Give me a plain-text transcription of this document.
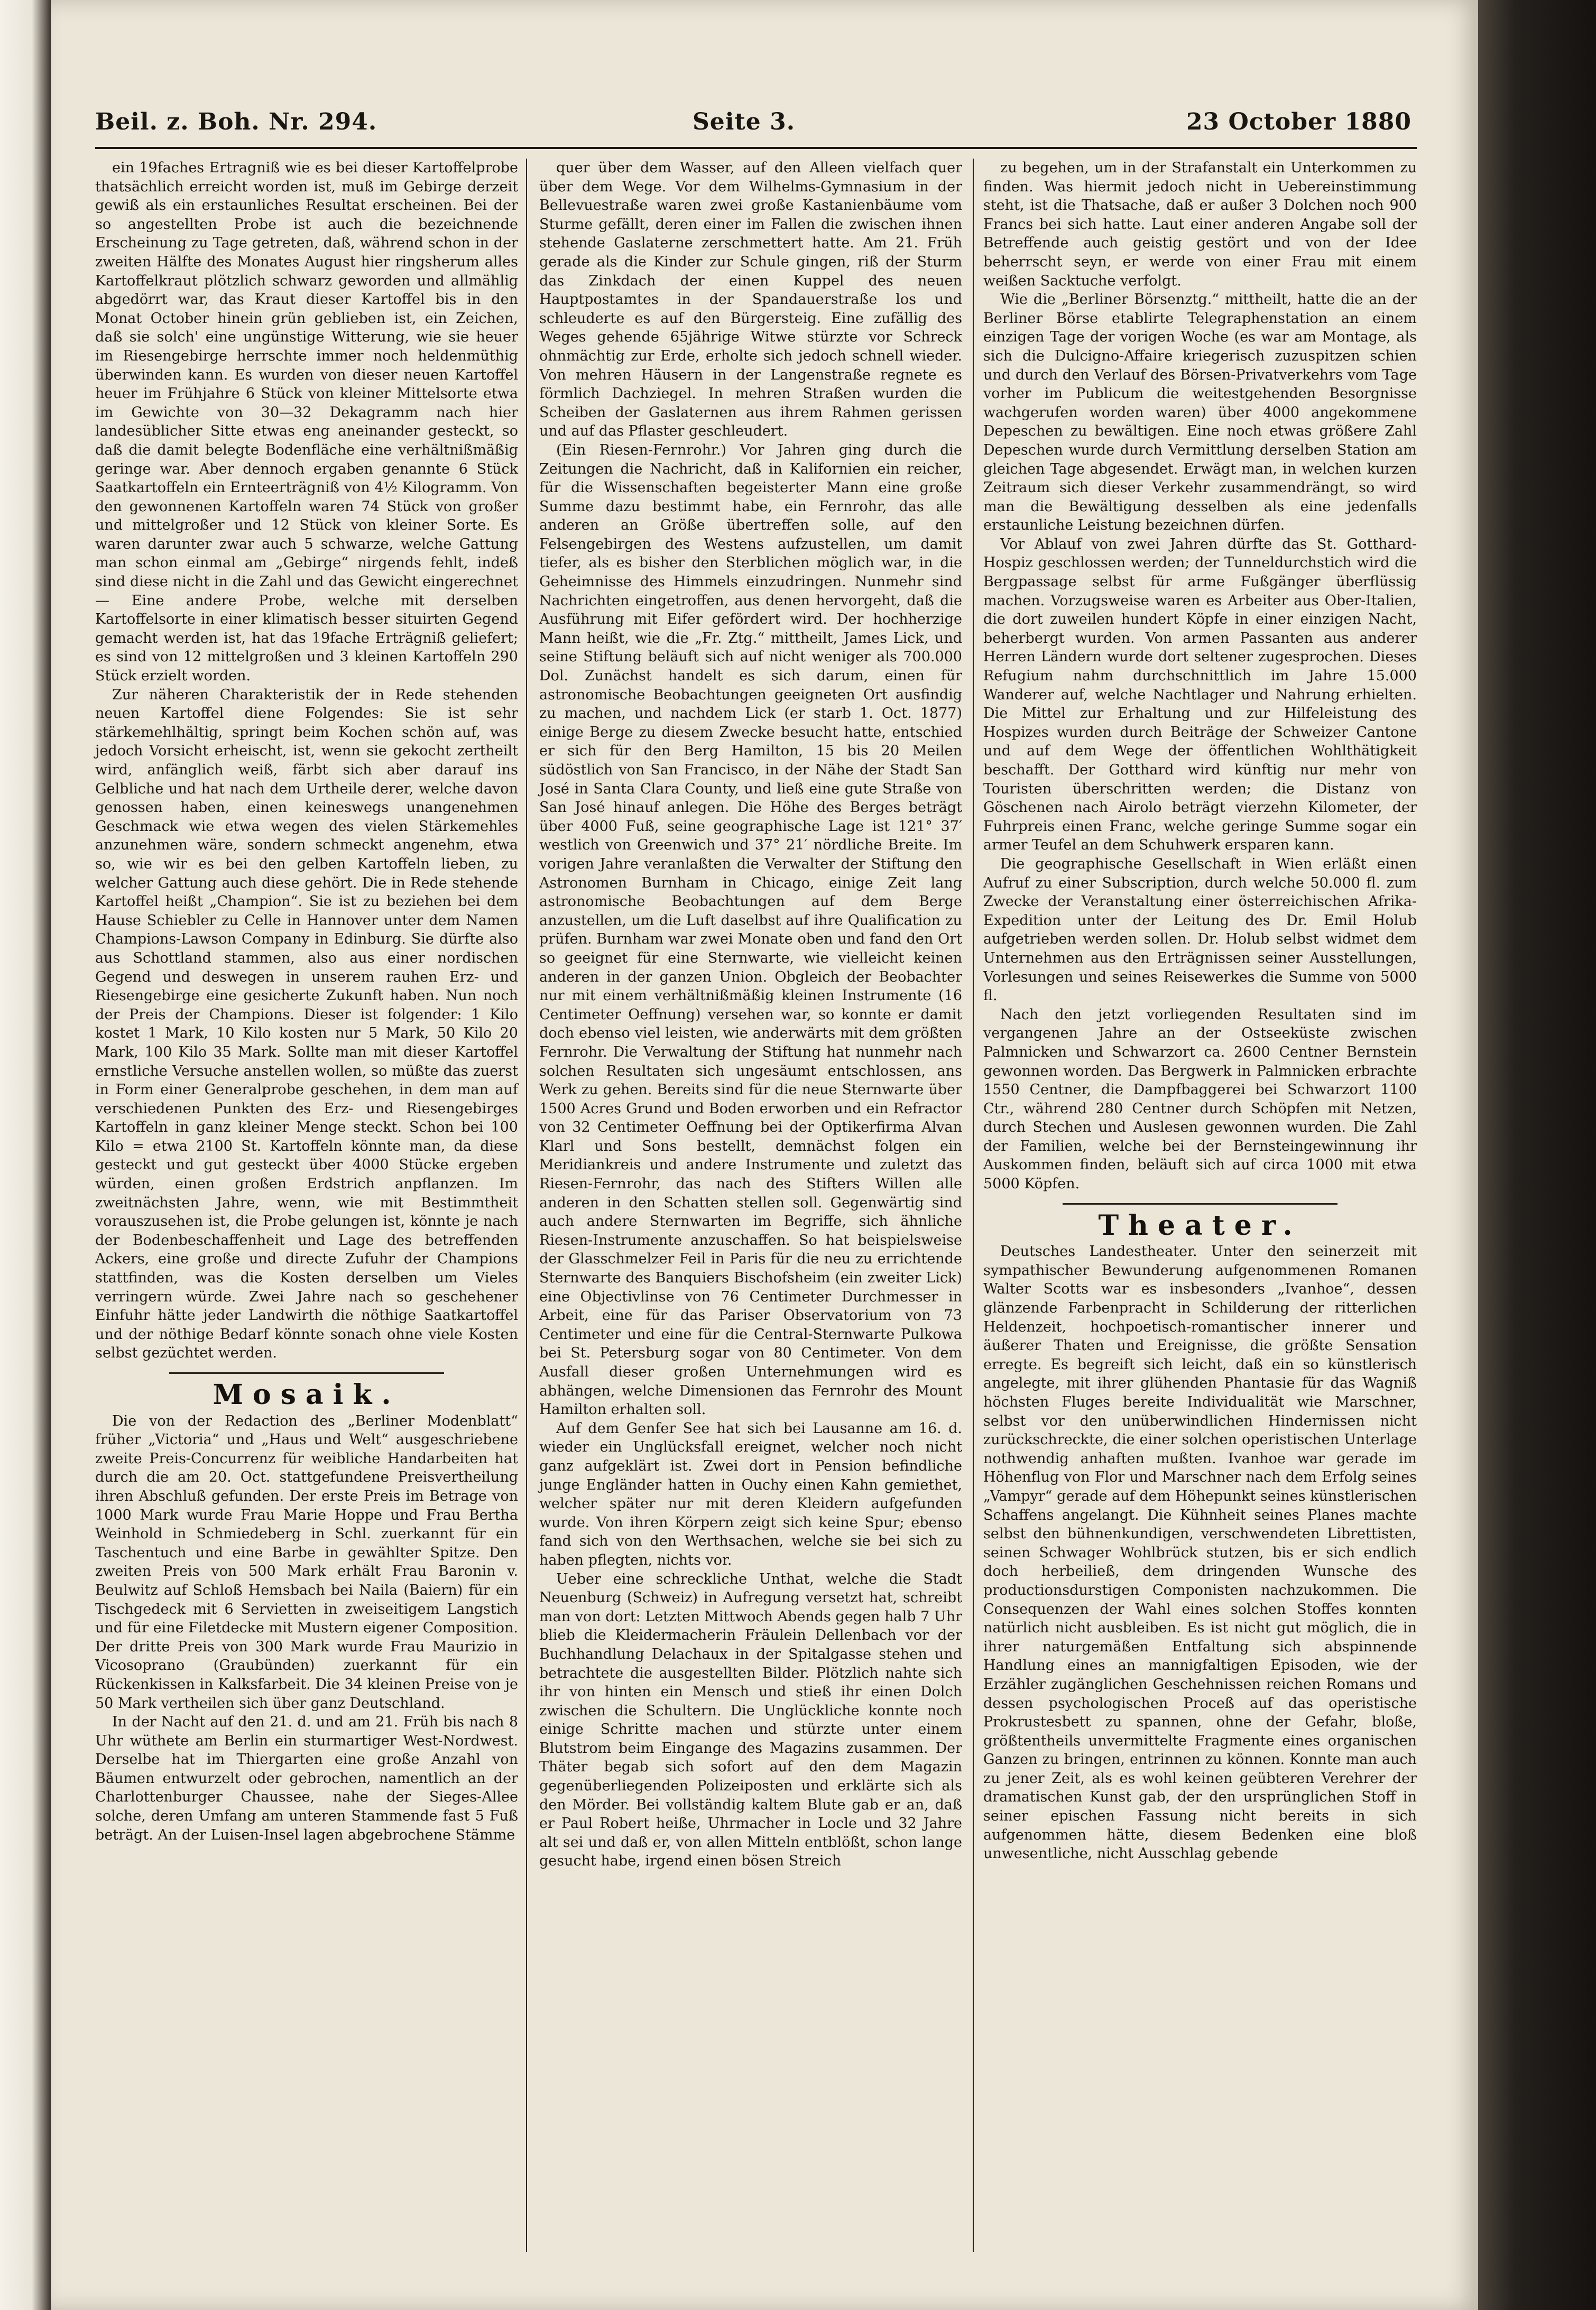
Beil. z. Boh. Nr. 294.	Seite 3.	23 October 1880

ein 19faches Ertragniß wie es bei dieser Kartoffelprobe thatsächlich erreicht worden ist, muß im Gebirge derzeit gewiß als ein erstaunliches Resultat erscheinen. Bei der so angestellten Probe ist auch die bezeichnende Erscheinung zu Tage getreten, daß, während schon in der zweiten Hälfte des Monates August hier ringsherum alles Kartoffelkraut plötzlich schwarz geworden und allmählig abgedörrt war, das Kraut dieser Kartoffel bis in den Monat October hinein grün geblieben ist, ein Zeichen, daß sie solch' eine ungünstige Witterung, wie sie heuer im Riesengebirge herrschte immer noch heldenmüthig überwinden kann. Es wurden von dieser neuen Kartoffel heuer im Frühjahre 6 Stück von kleiner Mittelsorte etwa im Gewichte von 30—32 Dekagramm nach hier landesüblicher Sitte etwas eng aneinander gesteckt, so daß die damit belegte Bodenfläche eine verhältnißmäßig geringe war. Aber dennoch ergaben genannte 6 Stück Saatkartoffeln ein Ernteerträgniß von 4½ Kilogramm. Von den gewonnenen Kartoffeln waren 74 Stück von großer und mittelgroßer und 12 Stück von kleiner Sorte. Es waren darunter zwar auch 5 schwarze, welche Gattung man schon einmal am „Gebirge“ nirgends fehlt, indeß sind diese nicht in die Zahl und das Gewicht eingerechnet — Eine andere Probe, welche mit derselben Kartoffelsorte in einer klimatisch besser situirten Gegend gemacht werden ist, hat das 19fache Erträgniß geliefert; es sind von 12 mittelgroßen und 3 kleinen Kartoffeln 290 Stück erzielt worden.

Zur näheren Charakteristik der in Rede stehenden neuen Kartoffel diene Folgendes: Sie ist sehr stärkemehlhältig, springt beim Kochen schön auf, was jedoch Vorsicht erheischt, ist, wenn sie gekocht zertheilt wird, anfänglich weiß, färbt sich aber darauf ins Gelbliche und hat nach dem Urtheile derer, welche davon genossen haben, einen keineswegs unangenehmen Geschmack wie etwa wegen des vielen Stärkemehles anzunehmen wäre, sondern schmeckt angenehm, etwa so, wie wir es bei den gelben Kartoffeln lieben, zu welcher Gattung auch diese gehört. Die in Rede stehende Kartoffel heißt „Champion“. Sie ist zu beziehen bei dem Hause Schiebler zu Celle in Hannover unter dem Namen Champions-Lawson Company in Edinburg. Sie dürfte also aus Schottland stammen, also aus einer nordischen Gegend und deswegen in unserem rauhen Erz- und Riesengebirge eine gesicherte Zukunft haben. Nun noch der Preis der Champions. Dieser ist folgender: 1 Kilo kostet 1 Mark, 10 Kilo kosten nur 5 Mark, 50 Kilo 20 Mark, 100 Kilo 35 Mark. Sollte man mit dieser Kartoffel ernstliche Versuche anstellen wollen, so müßte das zuerst in Form einer Generalprobe geschehen, in dem man auf verschiedenen Punkten des Erz- und Riesengebirges Kartoffeln in ganz kleiner Menge steckt. Schon bei 100 Kilo = etwa 2100 St. Kartoffeln könnte man, da diese gesteckt und gut gesteckt über 4000 Stücke ergeben würden, einen großen Erdstrich anpflanzen. Im zweitnächsten Jahre, wenn, wie mit Bestimmtheit vorauszusehen ist, die Probe gelungen ist, könnte je nach der Bodenbeschaffenheit und Lage des betreffenden Ackers, eine große und directe Zufuhr der Champions stattfinden, was die Kosten derselben um Vieles verringern würde. Zwei Jahre nach so geschehener Einfuhr hätte jeder Landwirth die nöthige Saatkartoffel und der nöthige Bedarf könnte sonach ohne viele Kosten selbst gezüchtet werden.

Mosaik.

Die von der Redaction des „Berliner Modenblatt“ früher „Victoria“ und „Haus und Welt“ ausgeschriebene zweite Preis-Concurrenz für weibliche Handarbeiten hat durch die am 20. Oct. stattgefundene Preisvertheilung ihren Abschluß gefunden. Der erste Preis im Betrage von 1000 Mark wurde Frau Marie Hoppe und Frau Bertha Weinhold in Schmiedeberg in Schl. zuerkannt für ein Taschentuch und eine Barbe in gewählter Spitze. Den zweiten Preis von 500 Mark erhält Frau Baronin v. Beulwitz auf Schloß Hemsbach bei Naila (Baiern) für ein Tischgedeck mit 6 Servietten in zweiseitigem Langstich und für eine Filetdecke mit Mustern eigener Composition. Der dritte Preis von 300 Mark wurde Frau Maurizio in Vicosoprano (Graubünden) zuerkannt für ein Rückenkissen in Kalksfarbeit. Die 34 kleinen Preise von je 50 Mark vertheilen sich über ganz Deutschland.

In der Nacht auf den 21. d. und am 21. Früh bis nach 8 Uhr wüthete am Berlin ein sturmartiger West-Nordwest. Derselbe hat im Thiergarten eine große Anzahl von Bäumen entwurzelt oder gebrochen, namentlich an der Charlottenburger Chaussee, nahe der Sieges-Allee solche, deren Umfang am unteren Stammende fast 5 Fuß beträgt. An der Luisen-Insel lagen abgebrochene Stämme

quer über dem Wasser, auf den Alleen vielfach quer über dem Wege. Vor dem Wilhelms-Gymnasium in der Bellevuestraße waren zwei große Kastanienbäume vom Sturme gefällt, deren einer im Fallen die zwischen ihnen stehende Gaslaterne zerschmettert hatte. Am 21. Früh gerade als die Kinder zur Schule gingen, riß der Sturm das Zinkdach der einen Kuppel des neuen Hauptpostamtes in der Spandauerstraße los und schleuderte es auf den Bürgersteig. Eine zufällig des Weges gehende 65jährige Witwe stürzte vor Schreck ohnmächtig zur Erde, erholte sich jedoch schnell wieder. Von mehren Häusern in der Langenstraße regnete es förmlich Dachziegel. In mehren Straßen wurden die Scheiben der Gaslaternen aus ihrem Rahmen gerissen und auf das Pflaster geschleudert.

(Ein Riesen-Fernrohr.) Vor Jahren ging durch die Zeitungen die Nachricht, daß in Kalifornien ein reicher, für die Wissenschaften begeisterter Mann eine große Summe dazu bestimmt habe, ein Fernrohr, das alle anderen an Größe übertreffen solle, auf den Felsengebirgen des Westens aufzustellen, um damit tiefer, als es bisher den Sterblichen möglich war, in die Geheimnisse des Himmels einzudringen. Nunmehr sind Nachrichten eingetroffen, aus denen hervorgeht, daß die Ausführung mit Eifer gefördert wird. Der hochherzige Mann heißt, wie die „Fr. Ztg.“ mittheilt, James Lick, und seine Stiftung beläuft sich auf nicht weniger als 700.000 Dol. Zunächst handelt es sich darum, einen für astronomische Beobachtungen geeigneten Ort ausfindig zu machen, und nachdem Lick (er starb 1. Oct. 1877) einige Berge zu diesem Zwecke besucht hatte, entschied er sich für den Berg Hamilton, 15 bis 20 Meilen südöstlich von San Francisco, in der Nähe der Stadt San José in Santa Clara County, und ließ eine gute Straße von San José hinauf anlegen. Die Höhe des Berges beträgt über 4000 Fuß, seine geographische Lage ist 121° 37′ westlich von Greenwich und 37° 21′ nördliche Breite. Im vorigen Jahre veranlaßten die Verwalter der Stiftung den Astronomen Burnham in Chicago, einige Zeit lang astronomische Beobachtungen auf dem Berge anzustellen, um die Luft daselbst auf ihre Qualification zu prüfen. Burnham war zwei Monate oben und fand den Ort so geeignet für eine Sternwarte, wie vielleicht keinen anderen in der ganzen Union. Obgleich der Beobachter nur mit einem verhältnißmäßig kleinen Instrumente (16 Centimeter Oeffnung) versehen war, so konnte er damit doch ebenso viel leisten, wie anderwärts mit dem größten Fernrohr. Die Verwaltung der Stiftung hat nunmehr nach solchen Resultaten sich ungesäumt entschlossen, ans Werk zu gehen. Bereits sind für die neue Sternwarte über 1500 Acres Grund und Boden erworben und ein Refractor von 32 Centimeter Oeffnung bei der Optikerfirma Alvan Klarl und Sons bestellt, demnächst folgen ein Meridiankreis und andere Instrumente und zuletzt das Riesen-Fernrohr, das nach des Stifters Willen alle anderen in den Schatten stellen soll. Gegenwärtig sind auch andere Sternwarten im Begriffe, sich ähnliche Riesen-Instrumente anzuschaffen. So hat beispielsweise der Glasschmelzer Feil in Paris für die neu zu errichtende Sternwarte des Banquiers Bischofsheim (ein zweiter Lick) eine Objectivlinse von 76 Centimeter Durchmesser in Arbeit, eine für das Pariser Observatorium von 73 Centimeter und eine für die Central-Sternwarte Pulkowa bei St. Petersburg sogar von 80 Centimeter. Von dem Ausfall dieser großen Unternehmungen wird es abhängen, welche Dimensionen das Fernrohr des Mount Hamilton erhalten soll.

Auf dem Genfer See hat sich bei Lausanne am 16. d. wieder ein Unglücksfall ereignet, welcher noch nicht ganz aufgeklärt ist. Zwei dort in Pension befindliche junge Engländer hatten in Ouchy einen Kahn gemiethet, welcher später nur mit deren Kleidern aufgefunden wurde. Von ihren Körpern zeigt sich keine Spur; ebenso fand sich von den Werthsachen, welche sie bei sich zu haben pflegten, nichts vor.

Ueber eine schreckliche Unthat, welche die Stadt Neuenburg (Schweiz) in Aufregung versetzt hat, schreibt man von dort: Letzten Mittwoch Abends gegen halb 7 Uhr blieb die Kleidermacherin Fräulein Dellenbach vor der Buchhandlung Delachaux in der Spitalgasse stehen und betrachtete die ausgestellten Bilder. Plötzlich nahte sich ihr von hinten ein Mensch und stieß ihr einen Dolch zwischen die Schultern. Die Unglückliche konnte noch einige Schritte machen und stürzte unter einem Blutstrom beim Eingange des Magazins zusammen. Der Thäter begab sich sofort auf den dem Magazin gegenüberliegenden Polizeiposten und erklärte sich als den Mörder. Bei vollständig kaltem Blute gab er an, daß er Paul Robert heiße, Uhrmacher in Locle und 32 Jahre alt sei und daß er, von allen Mitteln entblößt, schon lange gesucht habe, irgend einen bösen Streich

zu begehen, um in der Strafanstalt ein Unterkommen zu finden. Was hiermit jedoch nicht in Uebereinstimmung steht, ist die Thatsache, daß er außer 3 Dolchen noch 900 Francs bei sich hatte. Laut einer anderen Angabe soll der Betreffende auch geistig gestört und von der Idee beherrscht seyn, er werde von einer Frau mit einem weißen Sacktuche verfolgt.

Wie die „Berliner Börsenztg.“ mittheilt, hatte die an der Berliner Börse etablirte Telegraphenstation an einem einzigen Tage der vorigen Woche (es war am Montage, als sich die Dulcigno-Affaire kriegerisch zuzuspitzen schien und durch den Verlauf des Börsen-Privatverkehrs vom Tage vorher im Publicum die weitestgehenden Besorgnisse wachgerufen worden waren) über 4000 angekommene Depeschen zu bewältigen. Eine noch etwas größere Zahl Depeschen wurde durch Vermittlung derselben Station am gleichen Tage abgesendet. Erwägt man, in welchen kurzen Zeitraum sich dieser Verkehr zusammendrängt, so wird man die Bewältigung desselben als eine jedenfalls erstaunliche Leistung bezeichnen dürfen.

Vor Ablauf von zwei Jahren dürfte das St. Gotthard-Hospiz geschlossen werden; der Tunneldurchstich wird die Bergpassage selbst für arme Fußgänger überflüssig machen. Vorzugsweise waren es Arbeiter aus Ober-Italien, die dort zuweilen hundert Köpfe in einer einzigen Nacht, beherbergt wurden. Von armen Passanten aus anderer Herren Ländern wurde dort seltener zugesprochen. Dieses Refugium nahm durchschnittlich im Jahre 15.000 Wanderer auf, welche Nachtlager und Nahrung erhielten. Die Mittel zur Erhaltung und zur Hilfeleistung des Hospizes wurden durch Beiträge der Schweizer Cantone und auf dem Wege der öffentlichen Wohlthätigkeit beschafft. Der Gotthard wird künftig nur mehr von Touristen überschritten werden; die Distanz von Göschenen nach Airolo beträgt vierzehn Kilometer, der Fuhrpreis einen Franc, welche geringe Summe sogar ein armer Teufel an dem Schuhwerk ersparen kann.

Die geographische Gesellschaft in Wien erläßt einen Aufruf zu einer Subscription, durch welche 50.000 fl. zum Zwecke der Veranstaltung einer österreichischen Afrika-Expedition unter der Leitung des Dr. Emil Holub aufgetrieben werden sollen. Dr. Holub selbst widmet dem Unternehmen aus den Erträgnissen seiner Ausstellungen, Vorlesungen und seines Reisewerkes die Summe von 5000 fl.

Nach den jetzt vorliegenden Resultaten sind im vergangenen Jahre an der Ostseeküste zwischen Palmnicken und Schwarzort ca. 2600 Centner Bernstein gewonnen worden. Das Bergwerk in Palmnicken erbrachte 1550 Centner, die Dampfbaggerei bei Schwarzort 1100 Ctr., während 280 Centner durch Schöpfen mit Netzen, durch Stechen und Auslesen gewonnen wurden. Die Zahl der Familien, welche bei der Bernsteingewinnung ihr Auskommen finden, beläuft sich auf circa 1000 mit etwa 5000 Köpfen.

Theater.

Deutsches Landestheater. Unter den seinerzeit mit sympathischer Bewunderung aufgenommenen Romanen Walter Scotts war es insbesonders „Ivanhoe“, dessen glänzende Farbenpracht in Schilderung der ritterlichen Heldenzeit, hochpoetisch-romantischer innerer und äußerer Thaten und Ereignisse, die größte Sensation erregte. Es begreift sich leicht, daß ein so künstlerisch angelegte, mit ihrer glühenden Phantasie für das Wagniß höchsten Fluges bereite Individualität wie Marschner, selbst vor den unüberwindlichen Hindernissen nicht zurückschreckte, die einer solchen operistischen Unterlage nothwendig anhaften mußten. Ivanhoe war gerade im Höhenflug von Flor und Marschner nach dem Erfolg seines „Vampyr“ gerade auf dem Höhepunkt seines künstlerischen Schaffens angelangt. Die Kühnheit seines Planes machte selbst den bühnenkundigen, verschwendeten Librettisten, seinen Schwager Wohlbrück stutzen, bis er sich endlich doch herbeiließ, dem dringenden Wunsche des productionsdurstigen Componisten nachzukommen. Die Consequenzen der Wahl eines solchen Stoffes konnten natürlich nicht ausbleiben. Es ist nicht gut möglich, die in ihrer naturgemäßen Entfaltung sich abspinnende Handlung eines an mannigfaltigen Episoden, wie der Erzähler zugänglichen Geschehnissen reichen Romans und dessen psychologischen Proceß auf das operistische Prokrustesbett zu spannen, ohne der Gefahr, bloße, größtentheils unvermittelte Fragmente eines organischen Ganzen zu bringen, entrinnen zu können. Konnte man auch zu jener Zeit, als es wohl keinen geübteren Verehrer der dramatischen Kunst gab, der den ursprünglichen Stoff in seiner epischen Fassung nicht bereits in sich aufgenommen hätte, diesem Bedenken eine bloß unwesentliche, nicht Ausschlag gebende
